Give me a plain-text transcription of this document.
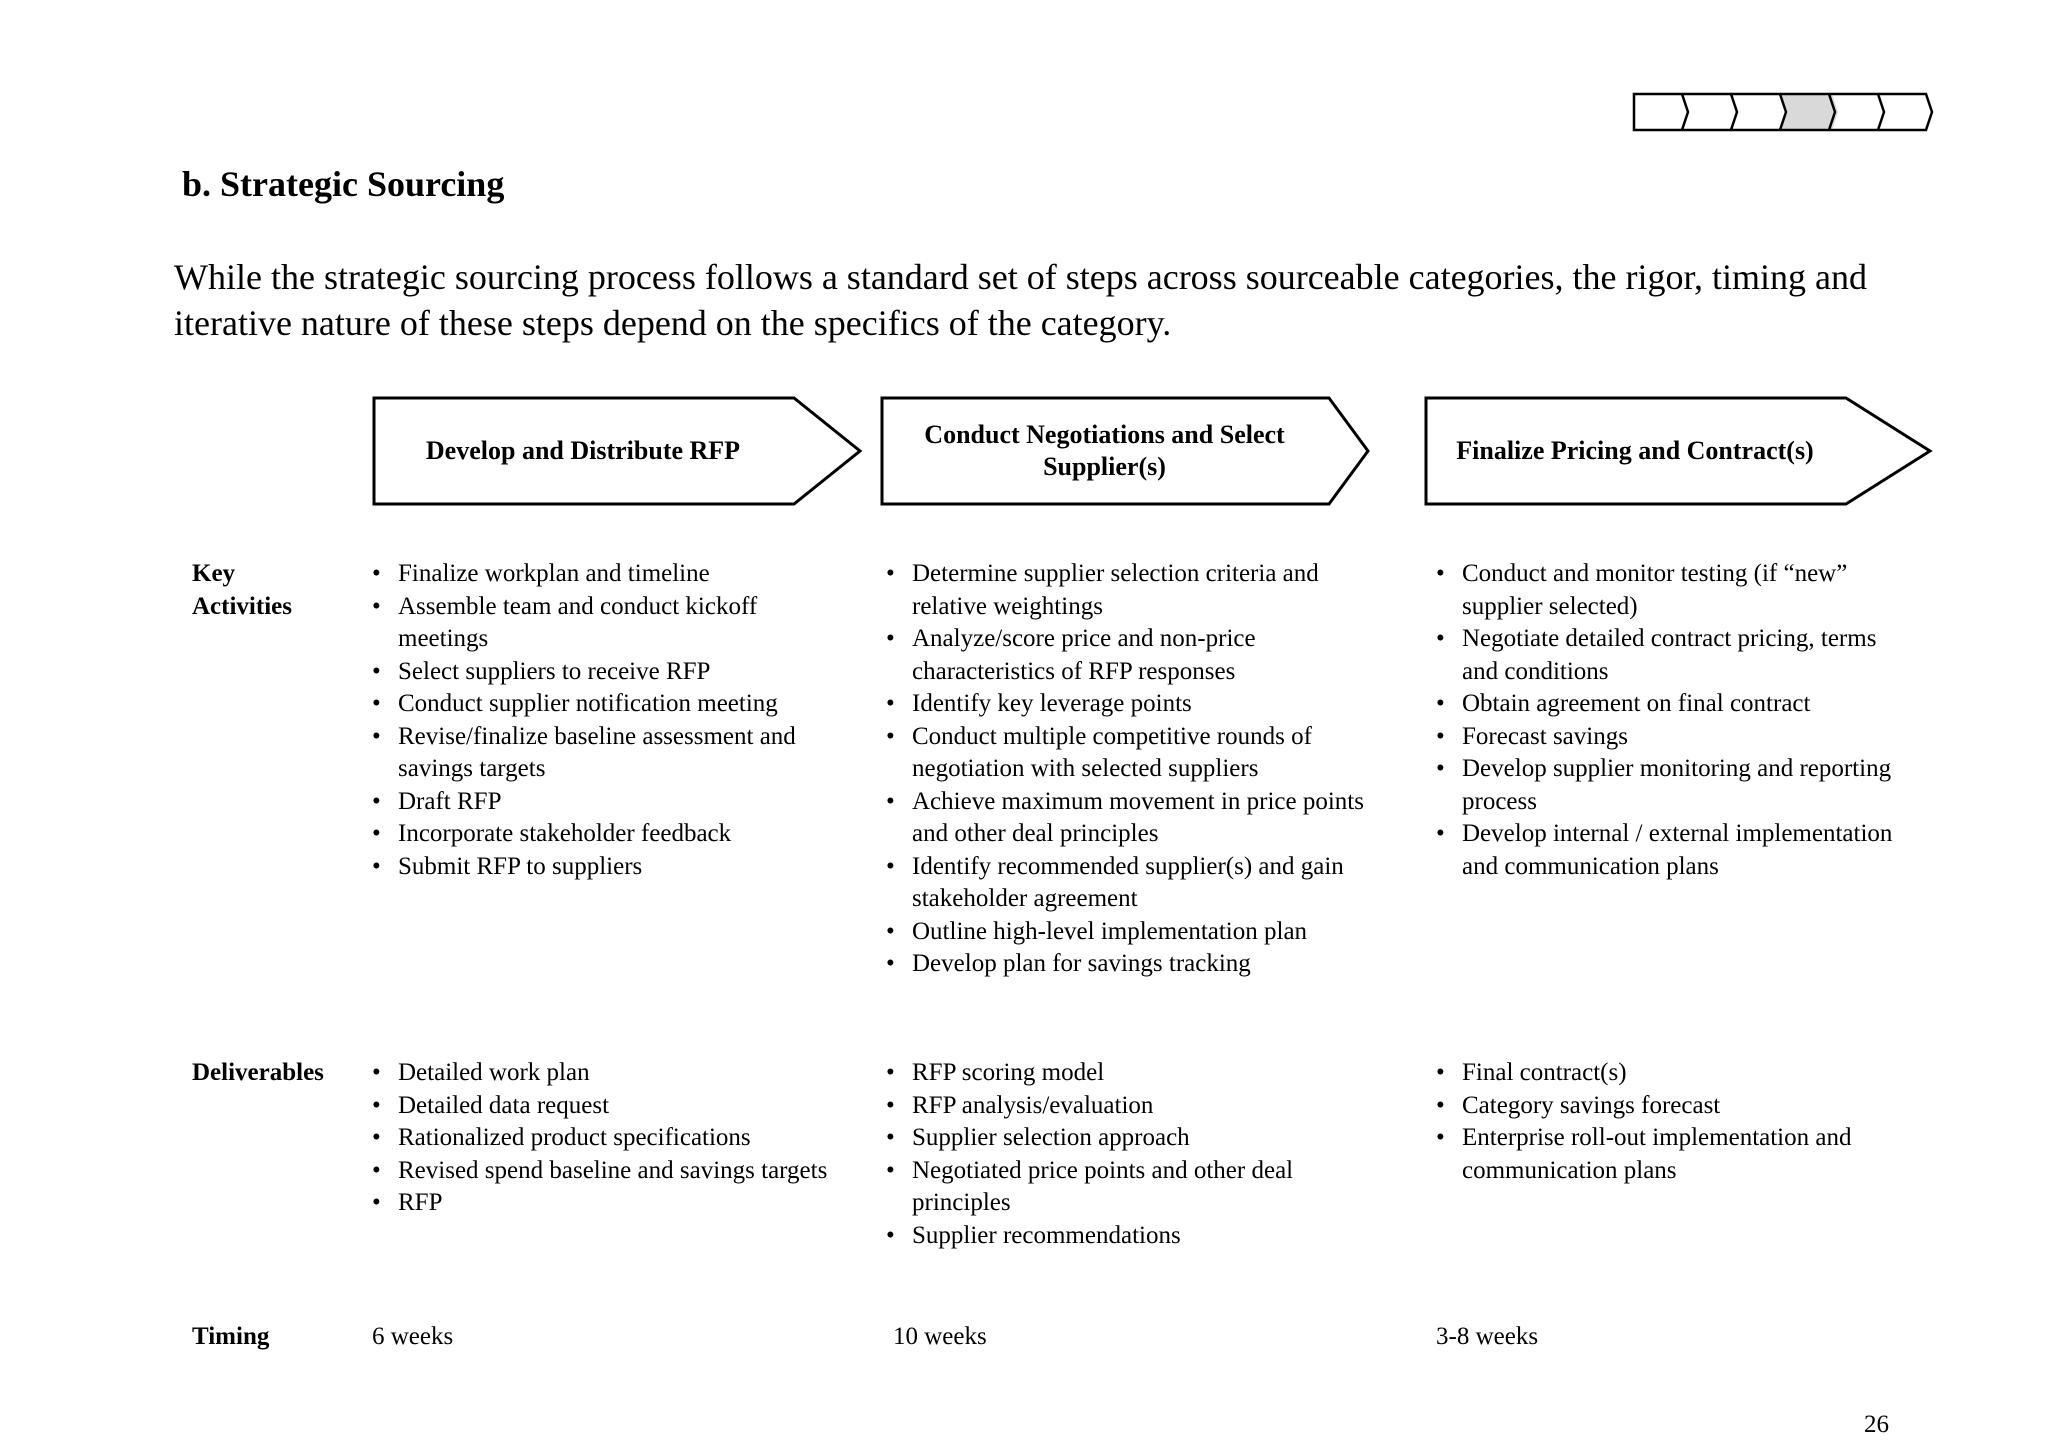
b. Strategic Sourcing
While the strategic sourcing process follows a standard set of steps across sourceable categories, the rigor, timing and iterative nature of these steps depend on the specifics of the category.
Develop and Distribute RFP
Conduct Negotiations and Select Supplier(s)
Finalize Pricing and Contract(s)
Key Activities
Deliverables
Timing
• Finalize workplan and timeline
• Assemble team and conduct kickoff meetings
• Select suppliers to receive RFP
• Conduct supplier notification meeting
• Revise/finalize baseline assessment and savings targets
• Draft RFP
• Incorporate stakeholder feedback
• Submit RFP to suppliers
• Determine supplier selection criteria and relative weightings
• Analyze/score price and non-price characteristics of RFP responses
• Identify key leverage points
• Conduct multiple competitive rounds of negotiation with selected suppliers
• Achieve maximum movement in price points and other deal principles
• Identify recommended supplier(s) and gain stakeholder agreement
• Outline high-level implementation plan
• Develop plan for savings tracking
• Conduct and monitor testing (if “new” supplier selected)
• Negotiate detailed contract pricing, terms and conditions
• Obtain agreement on final contract
• Forecast savings
• Develop supplier monitoring and reporting process
• Develop internal / external implementation and communication plans
• Detailed work plan
• Detailed data request
• Rationalized product specifications
• Revised spend baseline and savings targets
• RFP
• RFP scoring model
• RFP analysis/evaluation
• Supplier selection approach
• Negotiated price points and other deal principles
• Supplier recommendations
• Final contract(s)
• Category savings forecast
• Enterprise roll-out implementation and communication plans
6 weeks	10 weeks	3-8 weeks
26
